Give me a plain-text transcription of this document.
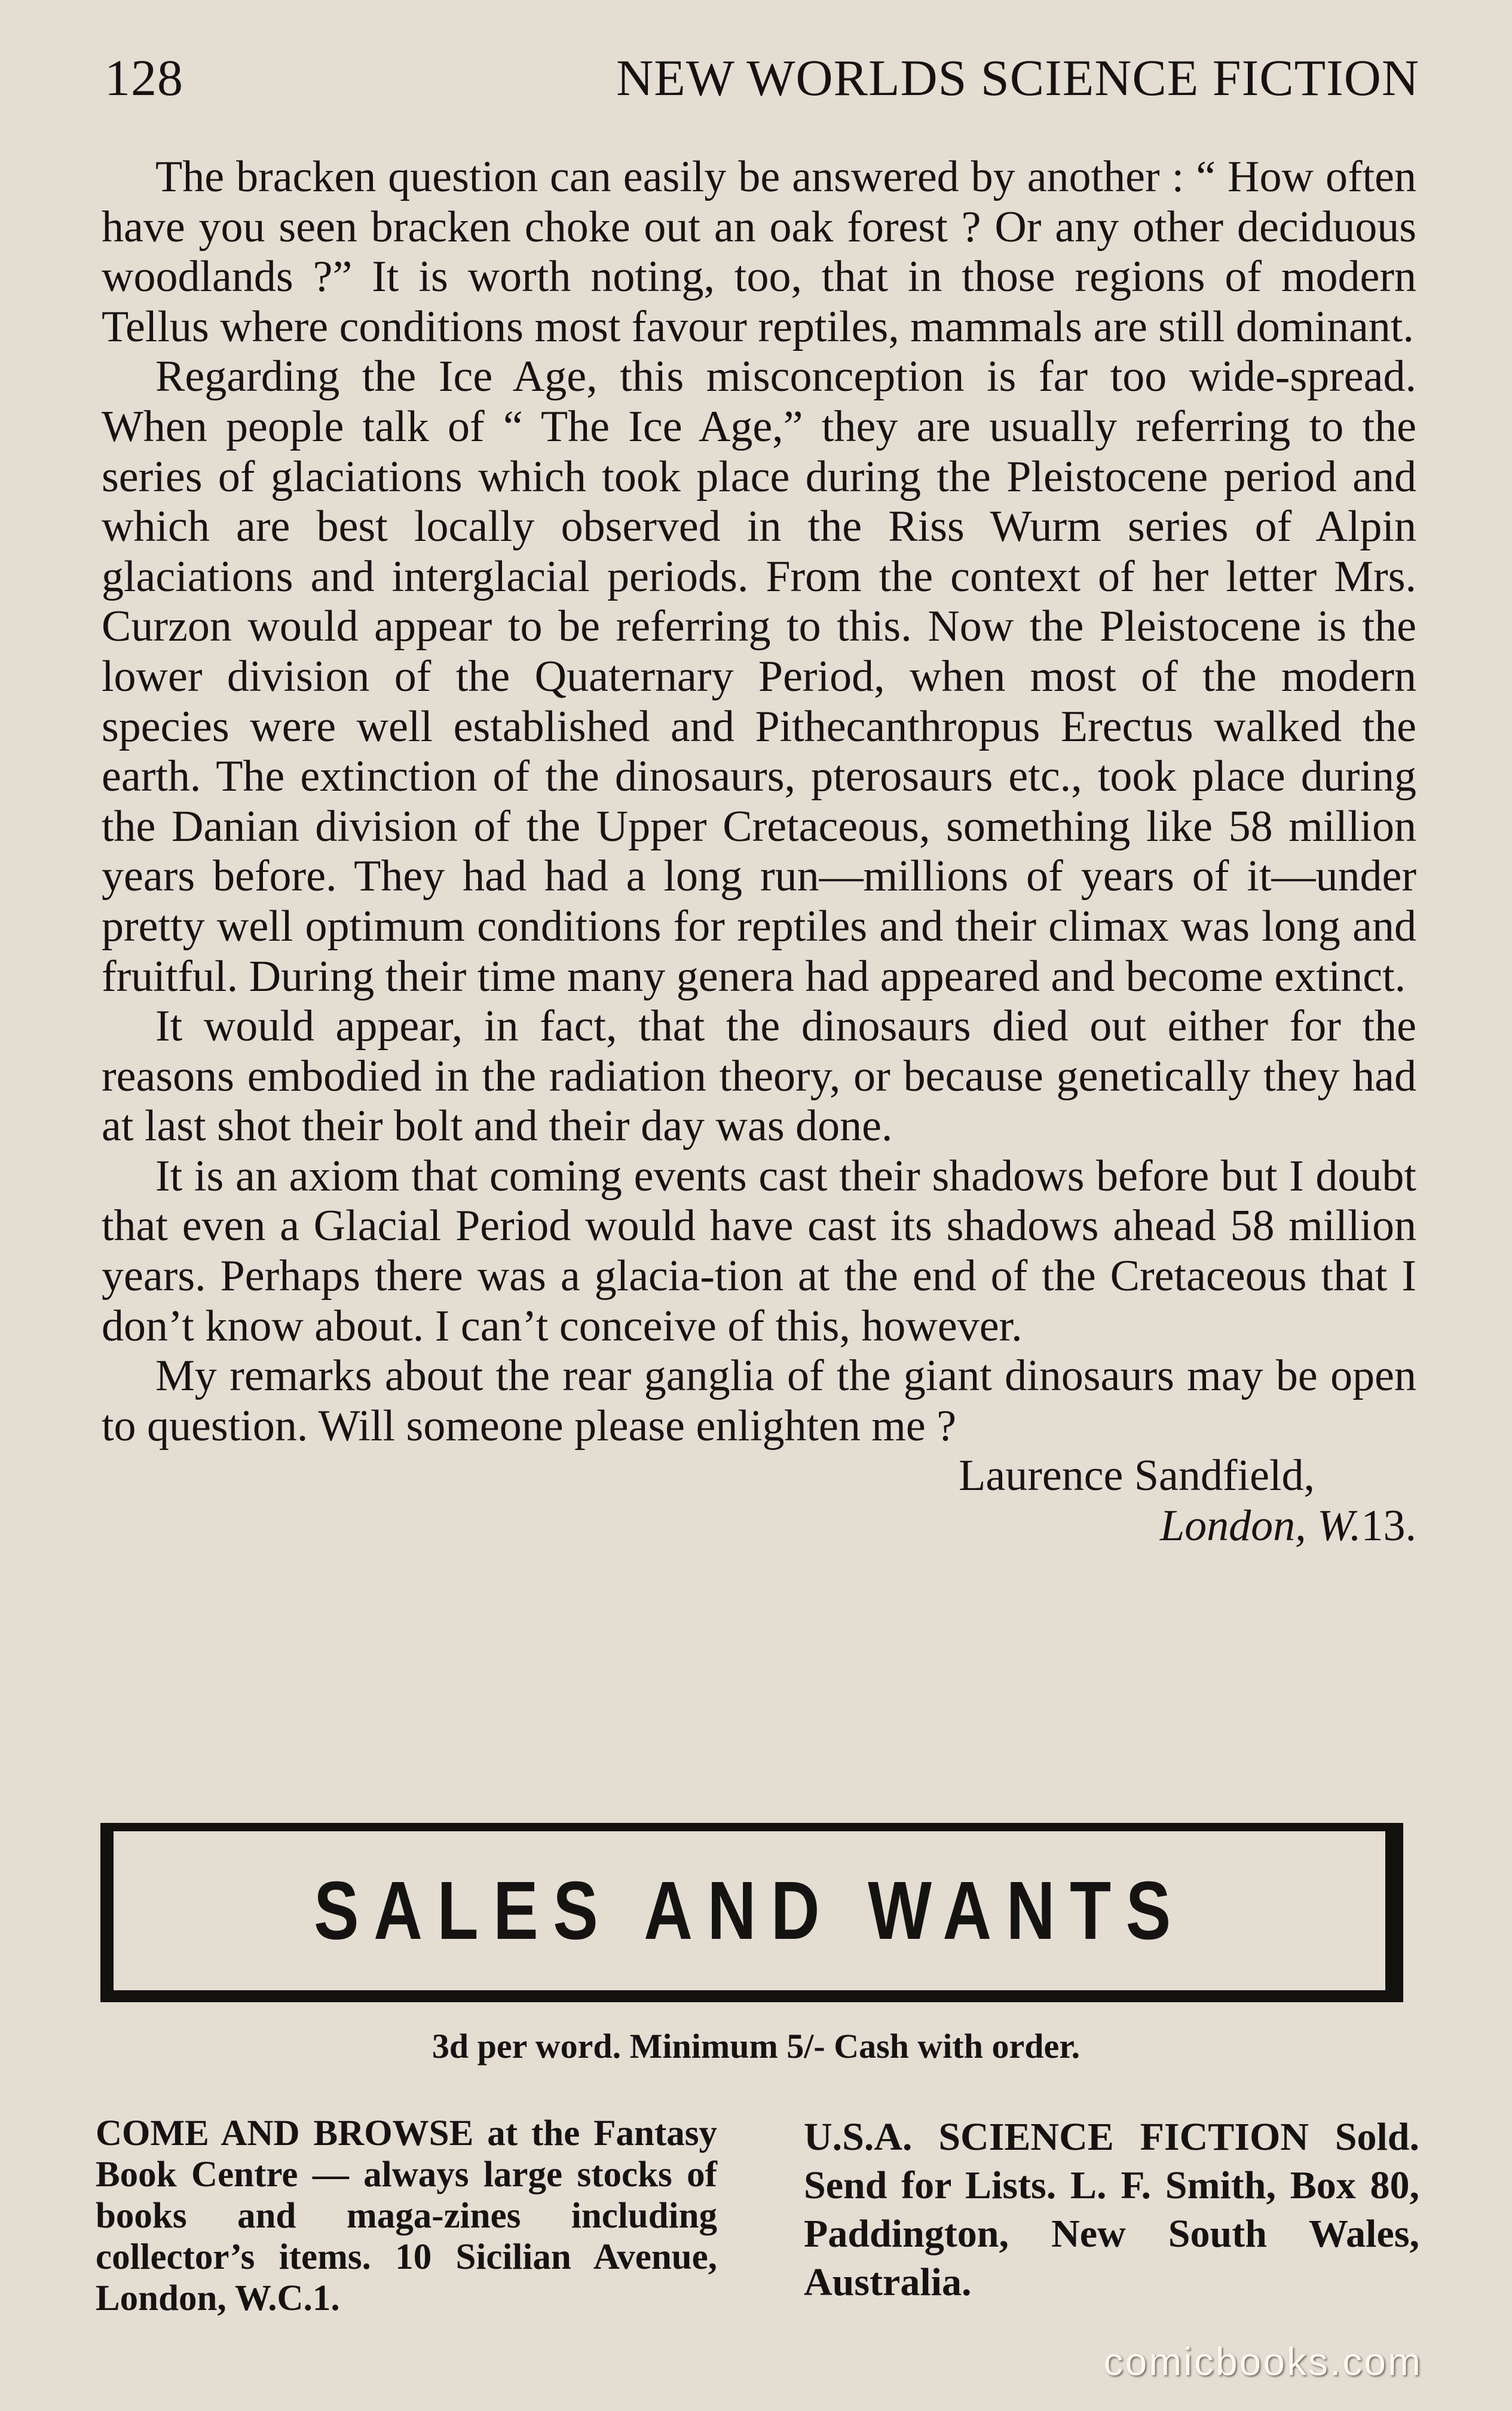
128	NEW WORLDS SCIENCE FICTION

The bracken question can easily be answered by another : “ How often have you seen bracken choke out an oak forest ? Or any other deciduous woodlands ?” It is worth noting, too, that in those regions of modern Tellus where conditions most favour reptiles, mammals are still dominant.

Regarding the Ice Age, this misconception is far too wide-spread. When people talk of “ The Ice Age,” they are usually referring to the series of glaciations which took place during the Pleistocene period and which are best locally observed in the Riss Wurm series of Alpin glaciations and interglacial periods. From the context of her letter Mrs. Curzon would appear to be referring to this. Now the Pleistocene is the lower division of the Quaternary Period, when most of the modern species were well established and Pithecanthropus Erectus walked the earth. The extinction of the dinosaurs, pterosaurs etc., took place during the Danian division of the Upper Cretaceous, something like 58 million years before. They had had a long run—millions of years of it—under pretty well optimum conditions for reptiles and their climax was long and fruitful. During their time many genera had appeared and become extinct.

It would appear, in fact, that the dinosaurs died out either for the reasons embodied in the radiation theory, or because genetically they had at last shot their bolt and their day was done.

It is an axiom that coming events cast their shadows before but I doubt that even a Glacial Period would have cast its shadows ahead 58 million years. Perhaps there was a glacia-tion at the end of the Cretaceous that I don’t know about. I can’t conceive of this, however.

My remarks about the rear ganglia of the giant dinosaurs may be open to question. Will someone please enlighten me ?

Laurence Sandfield,
London, W.13.
SALES AND WANTS
3d per word. Minimum 5/- Cash with order.
COME AND BROWSE at the Fantasy Book Centre — always large stocks of books and maga-zines including collector’s items. 10 Sicilian Avenue, London, W.C.1.
U.S.A. SCIENCE FICTION Sold. Send for Lists. L. F. Smith, Box 80, Paddington, New South Wales, Australia.
comicbooks.com
